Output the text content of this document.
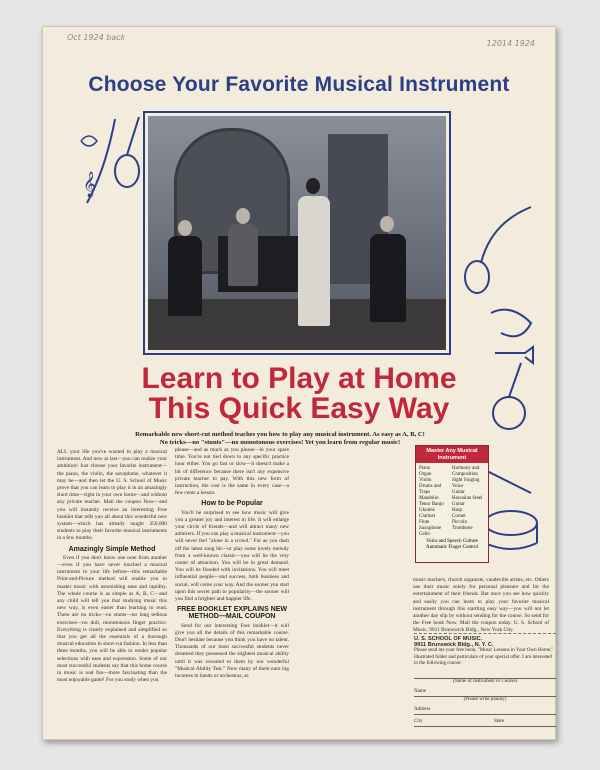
Oct 1924 back
12014 1924
Choose Your Favorite Musical Instrument
𝄞
Learn to Play at Home
This Quick Easy Way
Remarkable new short-cut method teaches you how to play any musical instrument. As easy as A, B, C! No tricks—no "stunts"—no monotonous exercises! Yet you learn from regular music!

ALL your life you've wanted to play a musical instrument. And now at last—you can realize your ambition! Just choose your favorite instrument—the piano, the violin, the saxophone, whatever it may be—and then let the U. S. School of Music prove that you can learn to play it in an amazingly short time—right in your own home—and without any private teacher. Mail the coupon Now—and you will instantly receive an interesting Free booklet that tells you all about this wonderful new system—which has already taught 350,000 students to play their favorite musical instruments in a few months.

Amazingly Simple Method

Even if you don't know one note from another—even if you have never touched a musical instrument in your life before—this remarkable Print-and-Picture method will enable you to master music with astonishing ease and rapidity. The whole course is as simple as A, B, C—and any child will tell you that studying music this new way, is even easier than learning to read. There are no tricks—no stunts—no long tedious exercises—no dull, monotonous finger practice. Everything is clearly explained and simplified so that you get all the essentials of a thorough musical education in short-cut fashion. In less than three months, you will be able to render popular selections with ease and expression. Some of our most successful students say that this home course in music is real fun—more fascinating than the most enjoyable game! For you study when you

please—and as much as you please—in your spare time. You're not tied down to any specific practice hour either. You go fast or slow—it doesn't make a bit of difference because there isn't any expensive private teacher to pay. With this new form of instruction, the cost is the same in every case—a few cents a lesson.

How to be Popular

You'll be surprised to see how music will give you a greater joy and interest in life. It will enlarge your circle of friends—and will attract many new admirers. If you can play a musical instrument—you will never feel "alone in a crowd." For as you dash off the latest song hit—or play some lovely melody from a well-known classic—you will be the very center of attraction. You will be in great demand. You will be flooded with invitations. You will meet influential people—and success, both business and social, will come your way. And the sooner you start upon this secret path to popularity—the sooner will you find a brighter and happier life.

FREE BOOKLET EXPLAINS NEW METHOD—MAIL COUPON

Send for our interesting Free booklet—it will give you all the details of this remarkable course. Don't hesitate because you think you have no talent. Thousands of our most successful students never dreamed they possessed the slightest musical ability until it was revealed to them by our wonderful "Musical Ability Test." Now many of them earn big incomes in bands or orchestras, as

music teachers, church organists, vaudeville artists, etc. Others use their music solely for personal pleasure and for the entertainment of their friends. But once you see how quickly and easily you can learn to play your favorite musical instrument through this startling easy way—you will not let another day slip by without sending for the course. So send for the Free book Now. Mail the coupon today. U. S. School of Music, 9911 Brunswick Bldg., New York City.

Master Any Musical Instrument
Piano
Organ
Violin
Drums and Traps
Mandolin
Tenor Banjo
Ukulele
Clarinet
Flute
Saxophone
Cello
Harmony and Composition
Sight Singing
Voice
Guitar
Hawaiian Steel
Guitar
Harp
Cornet
Piccolo
Trombone
Voice and Speech Culture Automatic Finger Control
U. S. SCHOOL OF MUSIC,
9911 Brunswick Bldg., N. Y. C.
Please send me your free book, "Music Lessons in Your Own Home," illustrated folder and particulars of your special offer. I am interested in the following course:
(Name of Instrument or Course)
Name
(Please write plainly)
Address
City	State
